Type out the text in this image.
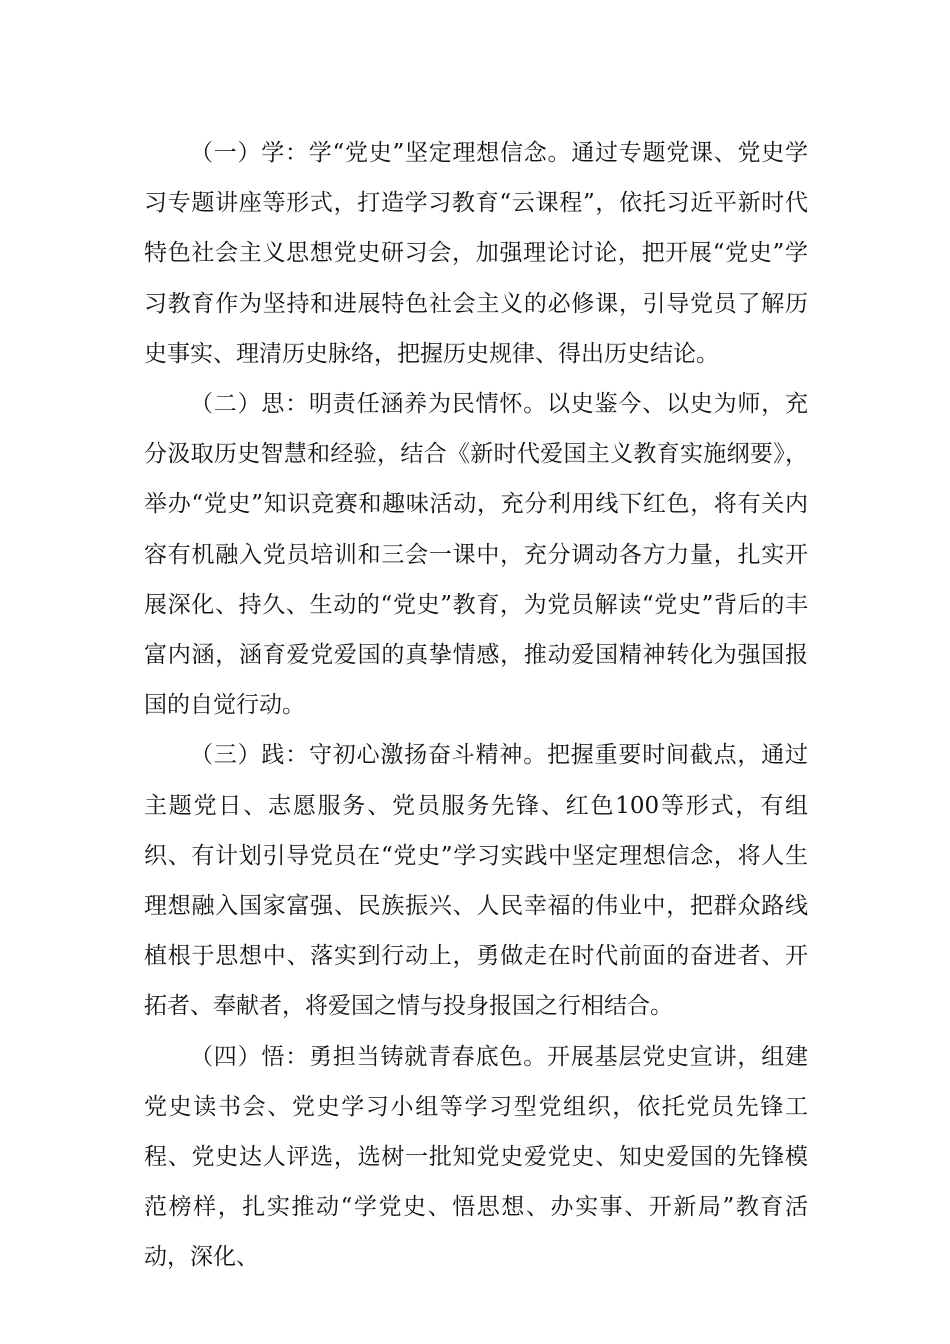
（一）学：学“党史”坚定理想信念。通过专题党课、党史学习专题讲座等形式，打造学习教育“云课程”，依托习近平新时代特色社会主义思想党史研习会，加强理论讨论，把开展“党史”学习教育作为坚持和进展特色社会主义的必修课，引导党员了解历史事实、理清历史脉络，把握历史规律、得出历史结论。

（二）思：明责任涵养为民情怀。以史鉴今、以史为师，充分汲取历史智慧和经验，结合《新时代爱国主义教育实施纲要》，举办“党史”知识竞赛和趣味活动，充分利用线下红色，将有关内容有机融入党员培训和三会一课中，充分调动各方力量，扎实开展深化、持久、生动的“党史”教育，为党员解读“党史”背后的丰富内涵，涵育爱党爱国的真挚情感，推动爱国精神转化为强国报国的自觉行动。

（三）践：守初心激扬奋斗精神。把握重要时间截点，通过主题党日、志愿服务、党员服务先锋、红色100等形式，有组织、有计划引导党员在“党史”学习实践中坚定理想信念，将人生理想融入国家富强、民族振兴、人民幸福的伟业中，把群众路线植根于思想中、落实到行动上，勇做走在时代前面的奋进者、开拓者、奉献者，将爱国之情与投身报国之行相结合。

（四）悟：勇担当铸就青春底色。开展基层党史宣讲，组建党史读书会、党史学习小组等学习型党组织，依托党员先锋工程、党史达人评选，选树一批知党史爱党史、知史爱国的先锋模范榜样，扎实推动“学党史、悟思想、办实事、开新局”教育活动，深化、
